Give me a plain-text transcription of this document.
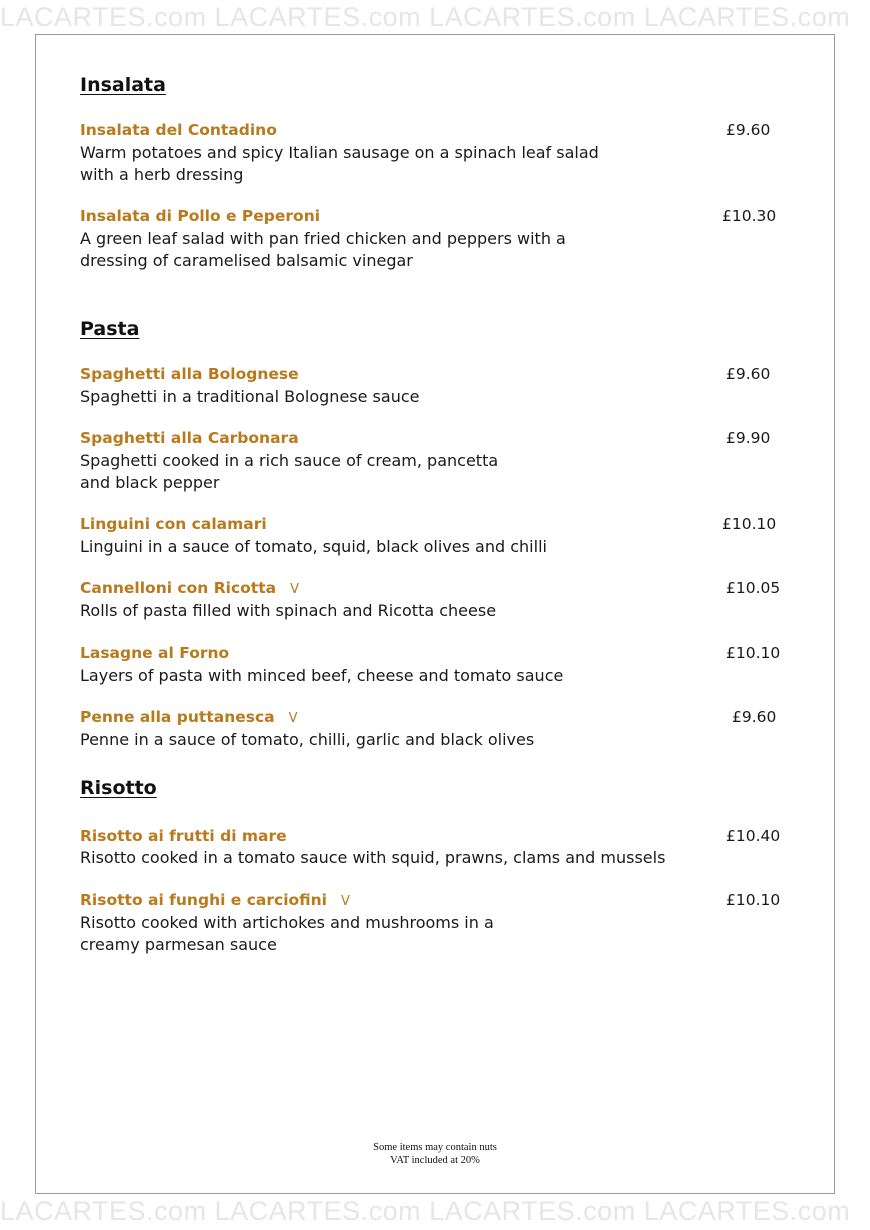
LACARTES.com LACARTES.com LACARTES.com LACARTES.com
Insalata
Insalata del Contadino	£9.60
Warm potatoes and spicy Italian sausage on a spinach leaf salad
with a herb dressing
Insalata di Pollo e Peperoni	£10.30
A green leaf salad with pan fried chicken and peppers with a
dressing of caramelised balsamic vinegar
Pasta
Spaghetti alla Bolognese	£9.60
Spaghetti in a traditional Bolognese sauce
Spaghetti alla Carbonara	£9.90
Spaghetti cooked in a rich sauce of cream, pancetta
and black pepper
Linguini con calamari	£10.10
Linguini in a sauce of tomato, squid, black olives and chilli
Cannelloni con Ricotta V	£10.05
Rolls of pasta filled with spinach and Ricotta cheese
Lasagne al Forno	£10.10
Layers of pasta with minced beef, cheese and tomato sauce
Penne alla puttanesca V	£9.60
Penne in a sauce of tomato, chilli, garlic and black olives
Risotto
Risotto ai frutti di mare	£10.40
Risotto cooked in a tomato sauce with squid, prawns, clams and mussels
Risotto ai funghi e carciofini V	£10.10
Risotto cooked with artichokes and mushrooms in a
creamy parmesan sauce
Some items may contain nuts
VAT included at 20%
LACARTES.com LACARTES.com LACARTES.com LACARTES.com
